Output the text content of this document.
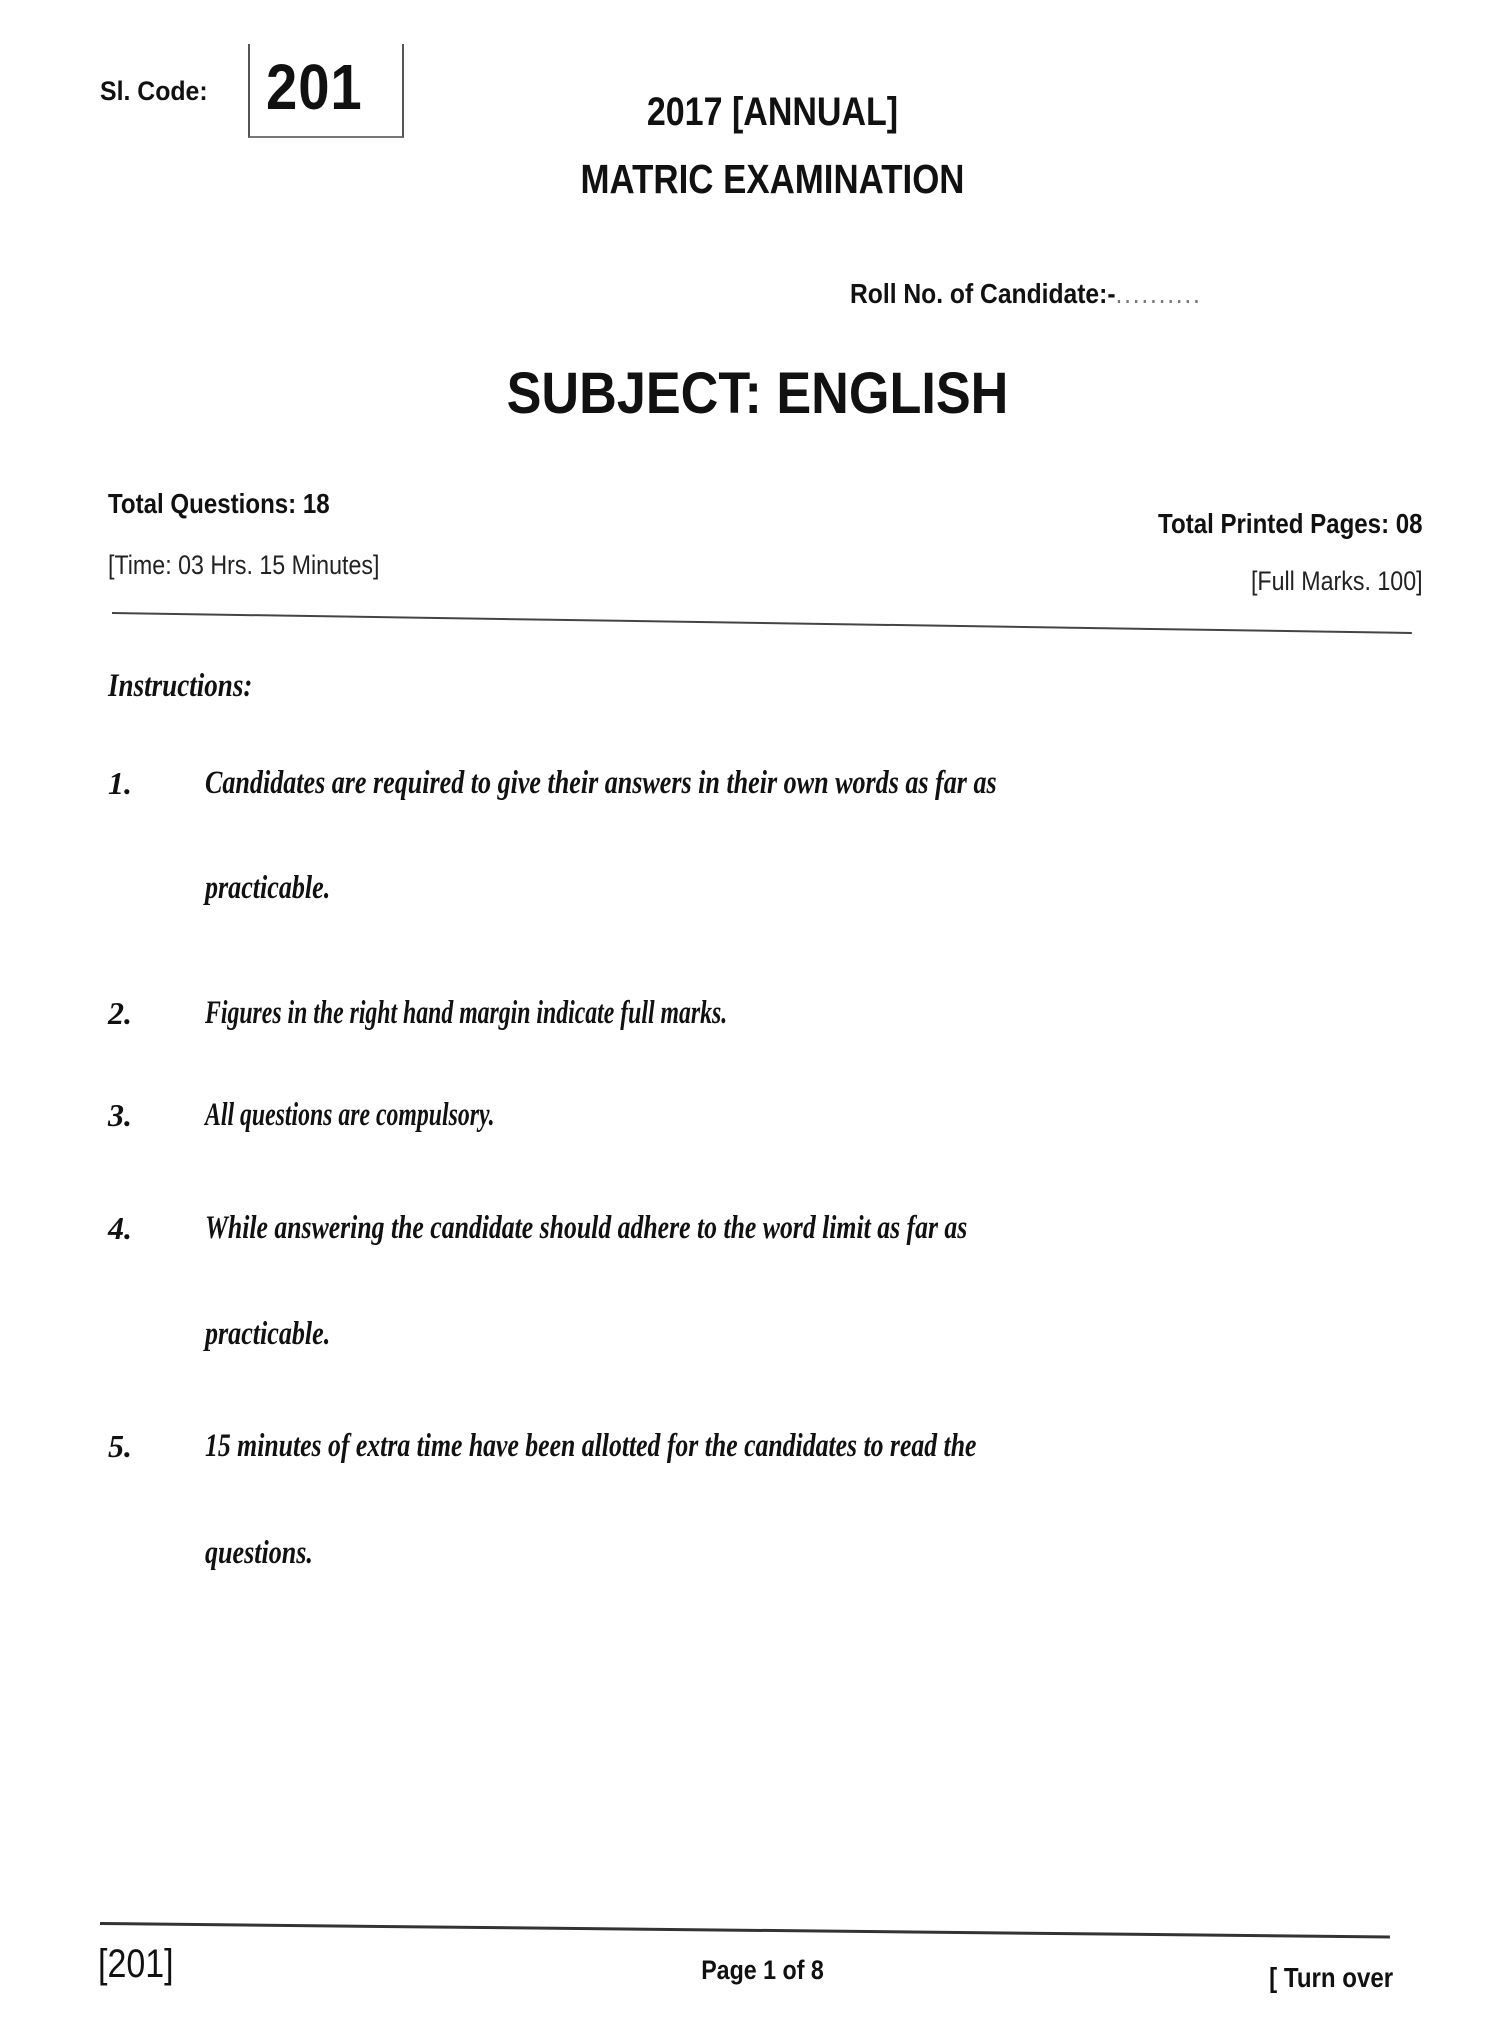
Sl. Code: 201	2017 [ANNUAL]
MATRIC EXAMINATION
Roll No. of Candidate:-..........
SUBJECT: ENGLISH
Total Questions: 18
[Time: 03 Hrs. 15 Minutes]
Total Printed Pages: 08
[Full Marks. 100]
Instructions:
1. Candidates are required to give their answers in their own words as far as
practicable.
2. Figures in the right hand margin indicate full marks.
3. All questions are compulsory.
4. While answering the candidate should adhere to the word limit as far as
practicable.
5. 15 minutes of extra time have been allotted for the candidates to read the
questions.
[201]	Page 1 of 8	[ Turn over
